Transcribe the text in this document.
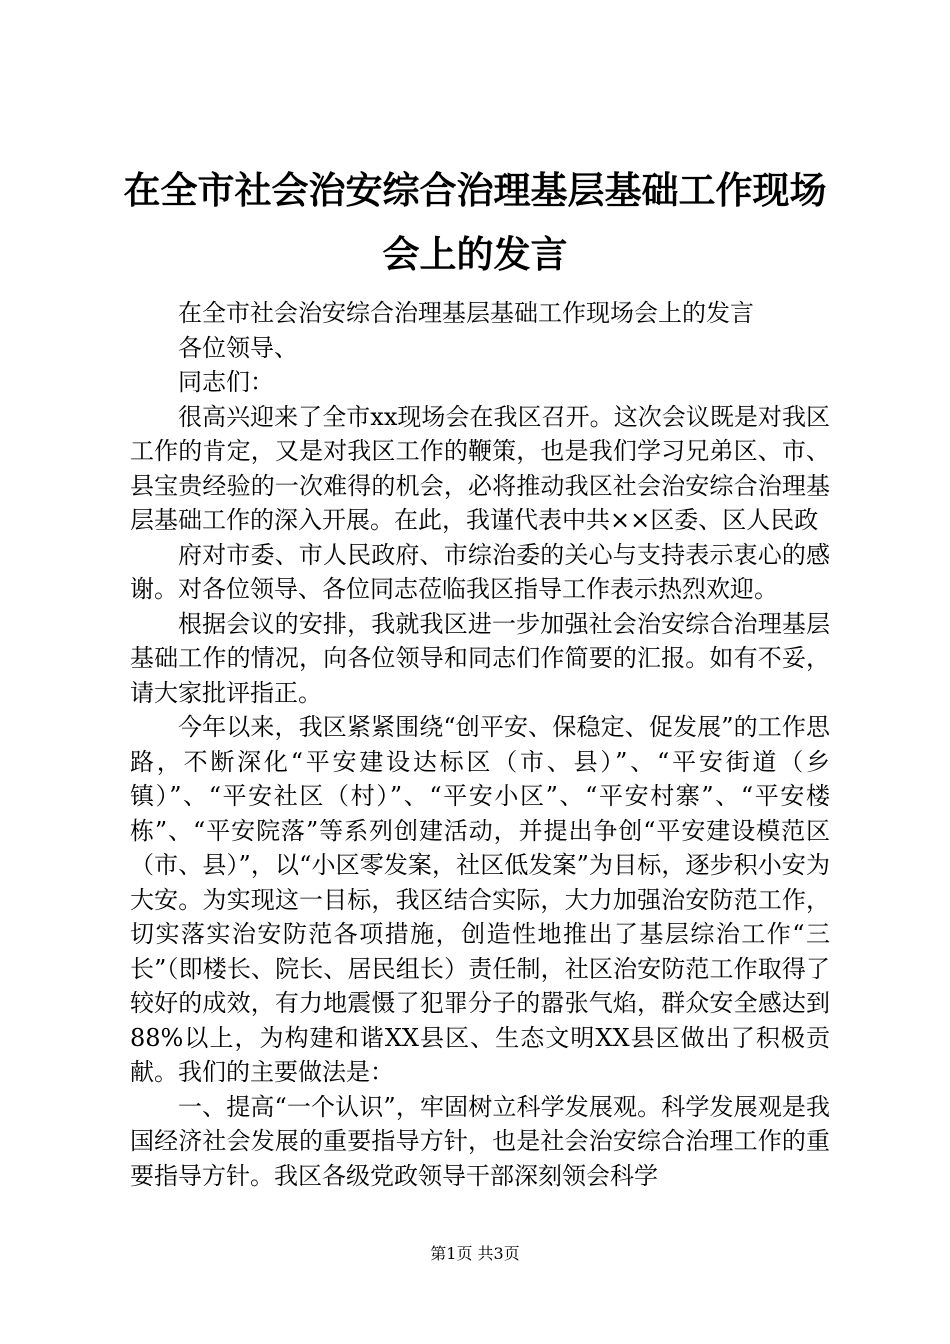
在全市社会治安综合治理基层基础工作现场会上的发言

在全市社会治安综合治理基层基础工作现场会上的发言

各位领导、

同志们：

很高兴迎来了全市xx现场会在我区召开。这次会议既是对我区工作的肯定，又是对我区工作的鞭策，也是我们学习兄弟区、市、县宝贵经验的一次难得的机会，必将推动我区社会治安综合治理基层基础工作的深入开展。在此，我谨代表中共××区委、区人民政

府对市委、市人民政府、市综治委的关心与支持表示衷心的感谢。对各位领导、各位同志莅临我区指导工作表示热烈欢迎。

根据会议的安排，我就我区进一步加强社会治安综合治理基层基础工作的情况，向各位领导和同志们作简要的汇报。如有不妥，请大家批评指正。

今年以来，我区紧紧围绕“创平安、保稳定、促发展”的工作思路，不断深化“平安建设达标区（市、县）”、“平安街道（乡镇）”、“平安社区（村）”、“平安小区”、“平安村寨”、“平安楼栋”、“平安院落”等系列创建活动，并提出争创“平安建设模范区（市、县）”，以“小区零发案，社区低发案”为目标，逐步积小安为大安。为实现这一目标，我区结合实际，大力加强治安防范工作，切实落实治安防范各项措施，创造性地推出了基层综治工作“三长”（即楼长、院长、居民组长）责任制，社区治安防范工作取得了较好的成效，有力地震慑了犯罪分子的嚣张气焰，群众安全感达到88%以上，为构建和谐XX县区、生态文明XX县区做出了积极贡献。我们的主要做法是：

一、提高“一个认识”，牢固树立科学发展观。科学发展观是我国经济社会发展的重要指导方针，也是社会治安综合治理工作的重要指导方针。我区各级党政领导干部深刻领会科学

第1页 共3页
